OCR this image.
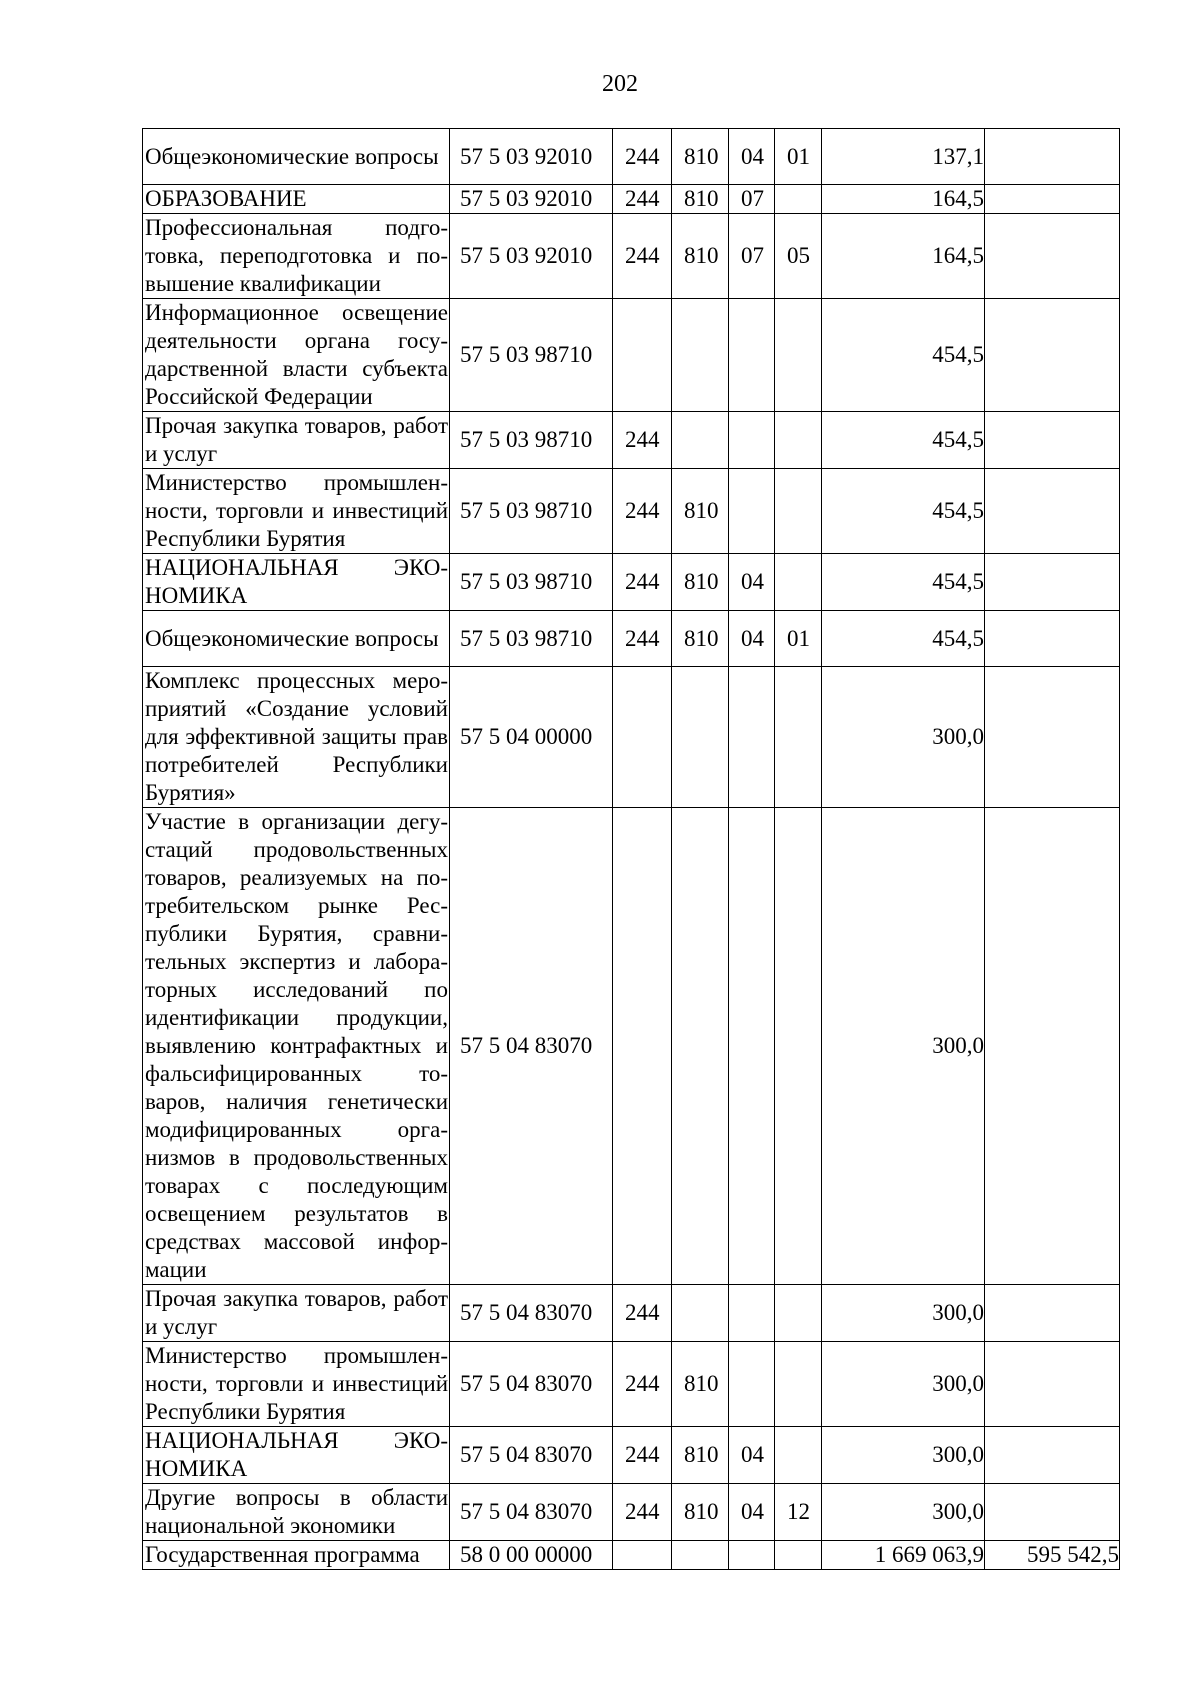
202
Общеэкономические вопросы	57 5 03 92010	244	810	04	01	137,1	
ОБРАЗОВАНИЕ	57 5 03 92010	244	810	07		164,5	
Профессиональная подготовка, переподготовка и повышение квалификации	57 5 03 92010	244	810	07	05	164,5	
Информационное освещение деятельности органа государственной власти субъекта Российской Федерации	57 5 03 98710					454,5	
Прочая закупка товаров, работ и услуг	57 5 03 98710	244				454,5	
Министерство промышленности, торговли и инвестиций Республики Бурятия	57 5 03 98710	244	810			454,5	
НАЦИОНАЛЬНАЯ ЭКОНОМИКА	57 5 03 98710	244	810	04		454,5	
Общеэкономические вопросы	57 5 03 98710	244	810	04	01	454,5	
Комплекс процессных мероприятий «Создание условий для эффективной защиты прав потребителей Республики Бурятия»	57 5 04 00000					300,0	
Участие в организации дегустаций продовольственных товаров, реализуемых на потребительском рынке Республики Бурятия, сравнительных экспертиз и лабораторных исследований по идентификации продукции, выявлению контрафактных и фальсифицированных товаров, наличия генетически модифицированных организмов в продовольственных товарах с последующим освещением результатов в средствах массовой информации	57 5 04 83070					300,0	
Прочая закупка товаров, работ и услуг	57 5 04 83070	244				300,0	
Министерство промышленности, торговли и инвестиций Республики Бурятия	57 5 04 83070	244	810			300,0	
НАЦИОНАЛЬНАЯ ЭКОНОМИКА	57 5 04 83070	244	810	04		300,0	
Другие вопросы в области национальной экономики	57 5 04 83070	244	810	04	12	300,0	
Государственная программа	58 0 00 00000					1 669 063,9	595 542,5
